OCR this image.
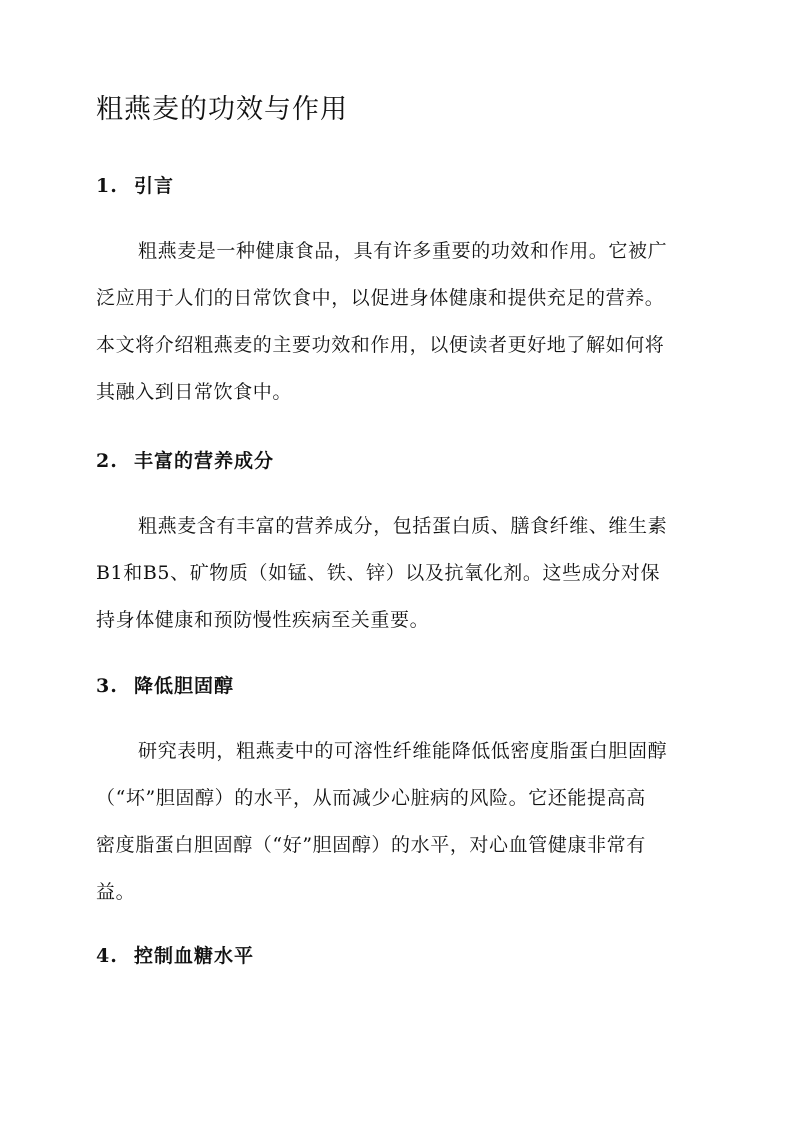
粗燕麦的功效与作用
1. 引言
粗燕麦是一种健康食品，具有许多重要的功效和作用。它被广
泛应用于人们的日常饮食中，以促进身体健康和提供充足的营养。
本文将介绍粗燕麦的主要功效和作用，以便读者更好地了解如何将
其融入到日常饮食中。
2. 丰富的营养成分
粗燕麦含有丰富的营养成分，包括蛋白质、膳食纤维、维生素
B1和B5、矿物质（如锰、铁、锌）以及抗氧化剂。这些成分对保
持身体健康和预防慢性疾病至关重要。
3. 降低胆固醇
研究表明，粗燕麦中的可溶性纤维能降低低密度脂蛋白胆固醇
（“坏”胆固醇）的水平，从而减少心脏病的风险。它还能提高高
密度脂蛋白胆固醇（“好”胆固醇）的水平，对心血管健康非常有
益。
4. 控制血糖水平
